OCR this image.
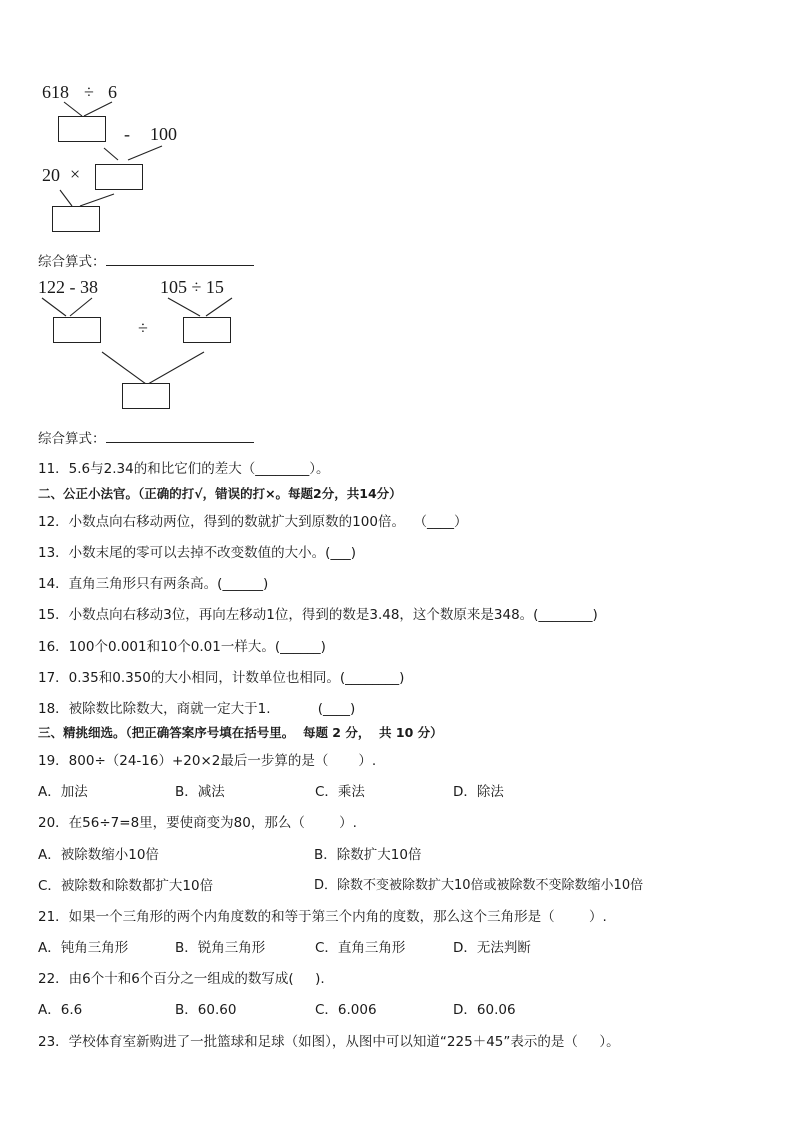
618 ÷ 6
- 100
20 ×
综合算式：
122 - 38	105 ÷ 15
÷
综合算式：
11．5.6与2.34的和比它们的差大（________）。
二、公正小法官。（正确的打√，错误的打×。每题2分，共14分）
12．小数点向右移动两位，得到的数就扩大到原数的100倍。  （____）
13．小数末尾的零可以去掉不改变数值的大小。(___)
14．直角三角形只有两条高。(______)
15．小数点向右移动3位，再向左移动1位，得到的数是3.48，这个数原来是348。(________)
16．100个0.001和10个0.01一样大。(______)
17．0.35和0.350的大小相同，计数单位也相同。(________)
18．被除数比除数大，商就一定大于1.           (____)
三、精挑细选。（把正确答案序号填在括号里。  每题 2 分，  共 10 分）
19．800÷（24-16）+20×2最后一步算的是（       ）.
A．加法	B．减法	C．乘法	D．除法
20．在56÷7=8里，要使商变为80，那么（        ）.
A．被除数缩小10倍	B．除数扩大10倍
C．被除数和除数都扩大10倍	D．除数不变被除数扩大10倍或被除数不变除数缩小10倍
21．如果一个三角形的两个内角度数的和等于第三个内角的度数，那么这个三角形是（        ）.
A．钝角三角形	B．锐角三角形	C．直角三角形	D．无法判断
22．由6个十和6个百分之一组成的数写成(     ).
A．6.6	B．60.60	C．6.006	D．60.06
23．学校体育室新购进了一批篮球和足球（如图），从图中可以知道“225＋45”表示的是（     ）。
